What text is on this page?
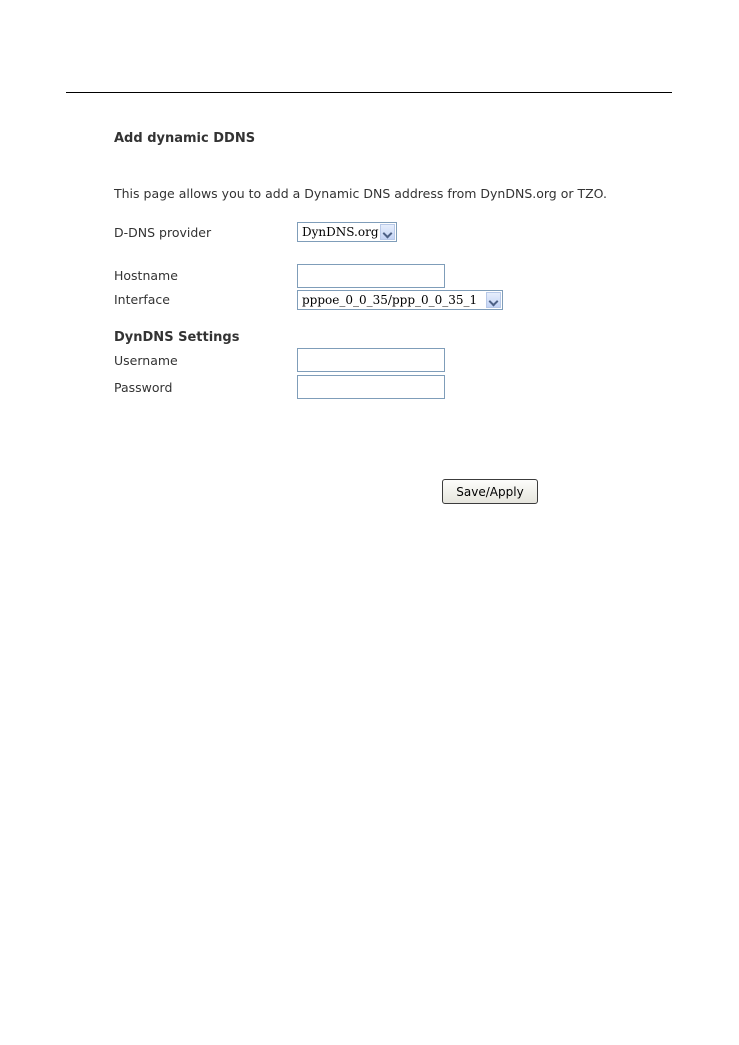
Add dynamic DDNS
This page allows you to add a Dynamic DNS address from DynDNS.org or TZO.
D-DNS provider	DynDNS.org
Hostname
Interface	pppoe_0_0_35/ppp_0_0_35_1
DynDNS Settings
Username
Password
Save/Apply
